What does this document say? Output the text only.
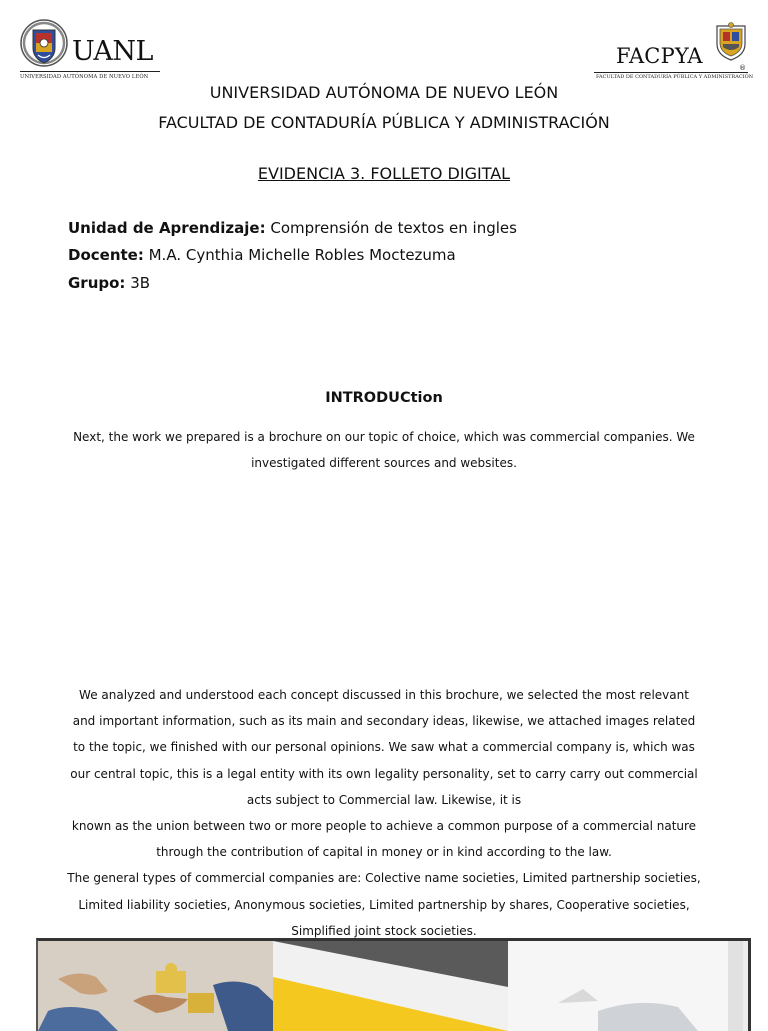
UANL
UNIVERSIDAD AUTÓNOMA DE NUEVO LEÓN
FACPYA	®
FACULTAD DE CONTADURÍA PÚBLICA Y ADMINISTRACIÓN
UNIVERSIDAD AUTÓNOMA DE NUEVO LEÓN
FACULTAD DE CONTADURÍA PÚBLICA Y ADMINISTRACIÓN
EVIDENCIA 3. FOLLETO DIGITAL
Unidad de Aprendizaje: Comprensión de textos en ingles
Docente: M.A. Cynthia Michelle Robles Moctezuma
Grupo: 3B
INTRODUCtion
Next, the work we prepared is a brochure on our topic of choice, which was commercial companies. We investigated different sources and websites.

We analyzed and understood each concept discussed in this brochure, we selected the most relevant and important information, such as its main and secondary ideas, likewise, we attached images related to the topic, we finished with our personal opinions. We saw what a commercial company is, which was our central topic, this is a legal entity with its own legality personality, set to carry carry out commercial acts subject to Commercial law. Likewise, it is

known as the union between two or more people to achieve a common purpose of a commercial nature through the contribution of capital in money or in kind according to the law.

The general types of commercial companies are: Colective name societies, Limited partnership societies, Limited liability societies, Anonymous societies, Limited partnership by shares, Cooperative societies, Simplified joint stock societies.
